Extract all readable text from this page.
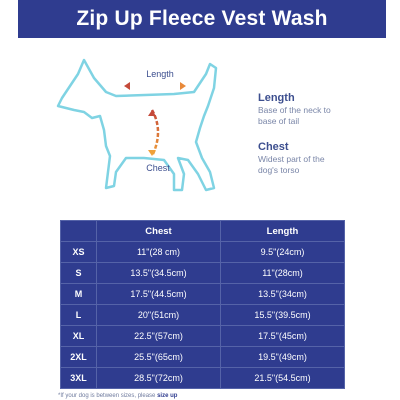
Zip Up Fleece Vest Wash
Length
Chest
Length
Base of the neck to
base of tail
Chest
Widest part of the
dog's torso
	Chest	Length
XS	11"(28 cm)	9.5"(24cm)
S	13.5"(34.5cm)	11"(28cm)
M	17.5"(44.5cm)	13.5"(34cm)
L	20"(51cm)	15.5"(39.5cm)
XL	22.5"(57cm)	17.5"(45cm)
2XL	25.5"(65cm)	19.5"(49cm)
3XL	28.5"(72cm)	21.5"(54.5cm)
*If your dog is between sizes, please size up
